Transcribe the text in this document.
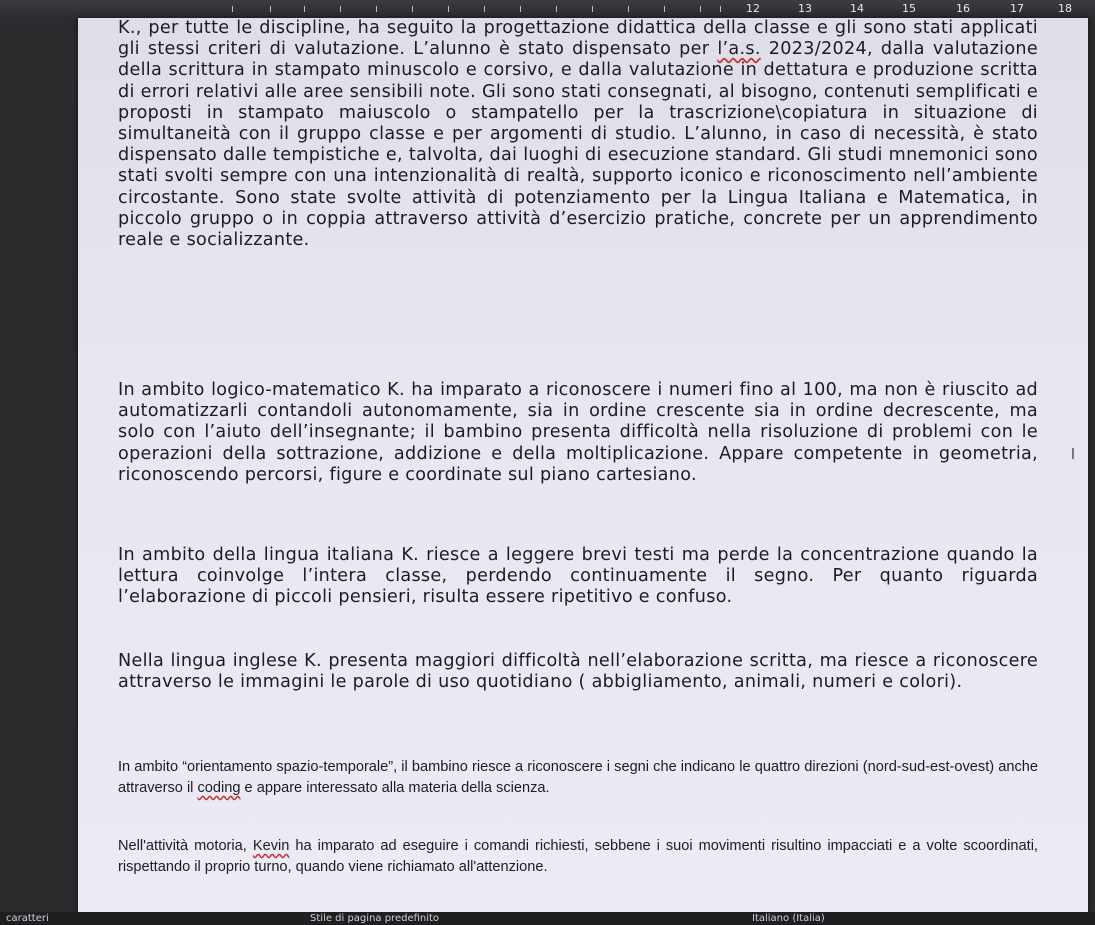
12	13	14	15	16	17	18

K., per tutte le discipline, ha seguito la progettazione didattica della classe e gli sono stati applicati gli stessi criteri di valutazione. L’alunno è stato dispensato per l’a.s. 2023/2024, dalla valutazione della scrittura in stampato minuscolo e corsivo, e dalla valutazione in dettatura e produzione scritta di errori relativi alle aree sensibili note. Gli sono stati consegnati, al bisogno, contenuti semplificati e proposti in stampato maiuscolo o stampatello per la trascrizione\copiatura in situazione di simultaneità con il gruppo classe e per argomenti di studio. L’alunno, in caso di necessità, è stato dispensato dalle tempistiche e, talvolta, dai luoghi di esecuzione standard. Gli studi mnemonici sono stati svolti sempre con una intenzionalità di realtà, supporto iconico e riconoscimento nell’ambiente circostante. Sono state svolte attività di potenziamento per la Lingua Italiana e Matematica, in piccolo gruppo o in coppia attraverso attività d’esercizio pratiche, concrete per un apprendimento reale e socializzante.

In ambito logico-matematico K. ha imparato a riconoscere i numeri fino al 100, ma non è riuscito ad automatizzarli contandoli autonomamente, sia in ordine crescente sia in ordine decrescente, ma solo con l’aiuto dell’insegnante; il bambino presenta difficoltà nella risoluzione di problemi con le operazioni della sottrazione, addizione e della moltiplicazione. Appare competente in geometria, riconoscendo percorsi, figure e coordinate sul piano cartesiano.

In ambito della lingua italiana K. riesce a leggere brevi testi ma perde la concentrazione quando la lettura coinvolge l’intera classe, perdendo continuamente il segno. Per quanto riguarda l’elaborazione di piccoli pensieri, risulta essere ripetitivo e confuso.

Nella lingua inglese K. presenta maggiori difficoltà nell’elaborazione scritta, ma riesce a riconoscere attraverso le immagini le parole di uso quotidiano ( abbigliamento, animali, numeri e colori).

In ambito “orientamento spazio-temporale”, il bambino riesce a riconoscere i segni che indicano le quattro direzioni (nord-sud-est-ovest) anche attraverso il coding e appare interessato alla materia della scienza.

Nell'attività motoria, Kevin ha imparato ad eseguire i comandi richiesti, sebbene i suoi movimenti risultino impacciati e a volte scoordinati, rispettando il proprio turno, quando viene richiamato all'attenzione.

I
caratteri	Stile di pagina predefinito	Italiano (Italia)
